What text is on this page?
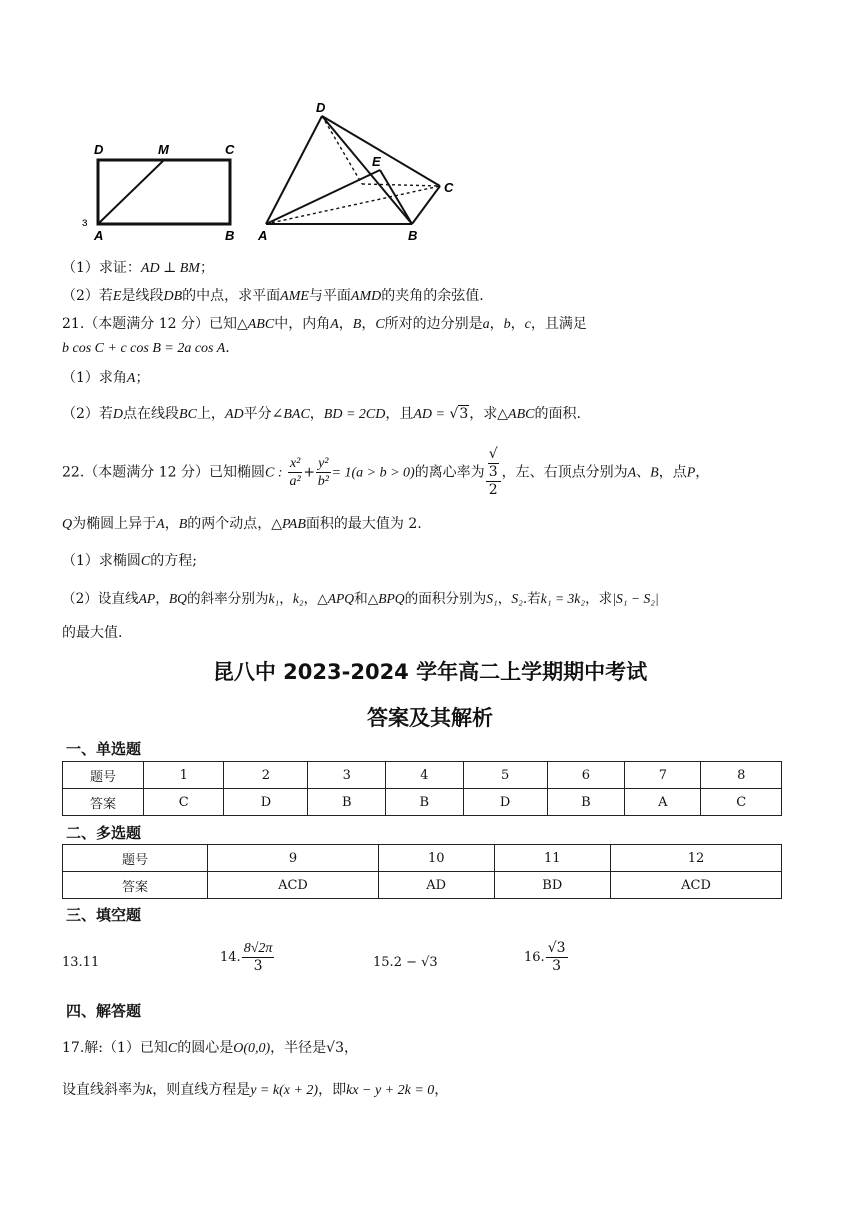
D	M	C
A	B
ɜ
D
E
C
A	B
（1）求证：AD ⊥ BM；
（2）若E是线段DB的中点，求平面AME与平面AMD的夹角的余弦值.
21.（本题满分 12 分）已知△ABC中，内角A，B，C所对的边分别是a，b，c，且满足
b cos C + c cos B = 2a cos A.
（1）求角A；
（2）若D点在线段BC上，AD平分∠BAC，BD = 2CD，且AD = √3，求△ABC的面积.
22.（本题满分 12 分）已知椭圆C : $\frac{\text{x²}}{\text{a²}} + \frac{\text{y²}}{\text{b²}} = 1(a > b > 0)$的离心率为 √
3
2 ，左、右顶点分别为A、B，点P，
Q为椭圆上异于A，B的两个动点，△PAB面积的最大值为 2.
（1）求椭圆C的方程;
（2）设直线AP，BQ的斜率分别为k₁，k₂，△APQ和△BPQ的面积分别为S₁，S₂.若k₁ = 3k₂，求|S₁ − S₂|
的最大值.
昆八中 2023-2024 学年高二上学期期中考试
答案及其解析
一、单选题
题号	1	2	3	4	5	6	7	8
答案	C	D	B	B	D	B	A	C
二、多选题
题号	9	10	11	12
答案	ACD	AD	BD	ACD
三、填空题
13.11	14. $\frac{8√2\pi}{3}$	15.2 − √3	16. $\frac{√3}{3}$
四、解答题
17.解:（1）已知C的圆心是O(0,0)，半径是√3，
设直线斜率为k，则直线方程是y = k(x + 2)，即kx − y + 2k = 0，
